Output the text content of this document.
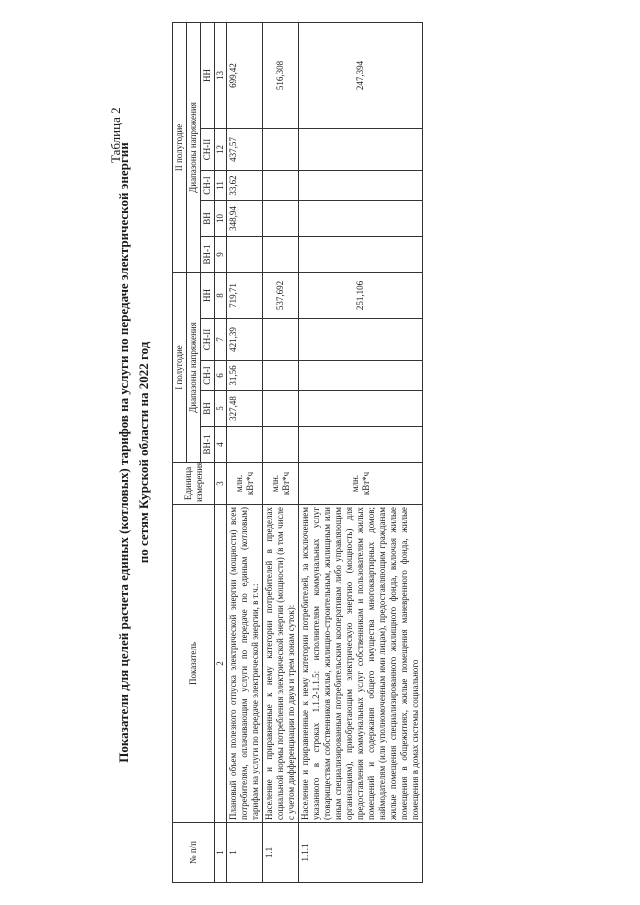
Таблица 2
Показатели для целей расчета единых (котловых) тарифов на услуги по передаче электрической энергии по сетям Курской области на 2022 год
№ п/п	Показатель	Единица измерения	I полугодие					II полугодие				
			Диапазоны напряжения					Диапазоны напряжения				
			ВН-1	ВН	СН-I	СН-II	НН	ВН-1	ВН	СН-I	СН-II	НН
1	2	3	4	5	6	7	8	9	10	11	12	13
1	Плановый объем полезного отпуска электрической энергии (мощности) всем потребителям, оплачивающим услуги по передаче по единым (котловым) тарифам на услуги по передаче электрической энергии, в т.ч.:	млн. кВт*ч		327,48	31,56	421,39	719,71		348,94	33,62	437,57	699,42
1.1	Население и приравненные к нему категории потребителей в пределах социальной нормы потребления электрической энергии (мощности) (в том числе с учетом дифференциации по двум и трем зонам суток):	млн. кВт*ч					537,692					516,308
1.1.1	Население и приравненные к нему категории потребителей, за исключением указанного в строках 1.1.2-1.1.5: исполнителям коммунальных услуг (товариществам собственников жилья, жилищно-строительным, жилищным или иным специализированным потребительским кооперативам либо управляющим организациям), приобретающим электрическую энергию (мощность) для предоставления коммунальных услуг собственникам и пользователям жилых помещений и содержания общего имущества многоквартирных домов; наймодателям (или уполномоченным ими лицам), предоставляющим гражданам жилые помещения специализированного жилищного фонда, включая жилые помещения в общежитиях, жилые помещения маневренного фонда, жилые помещения в домах системы социального	млн. кВт*ч					251,106					247,394
